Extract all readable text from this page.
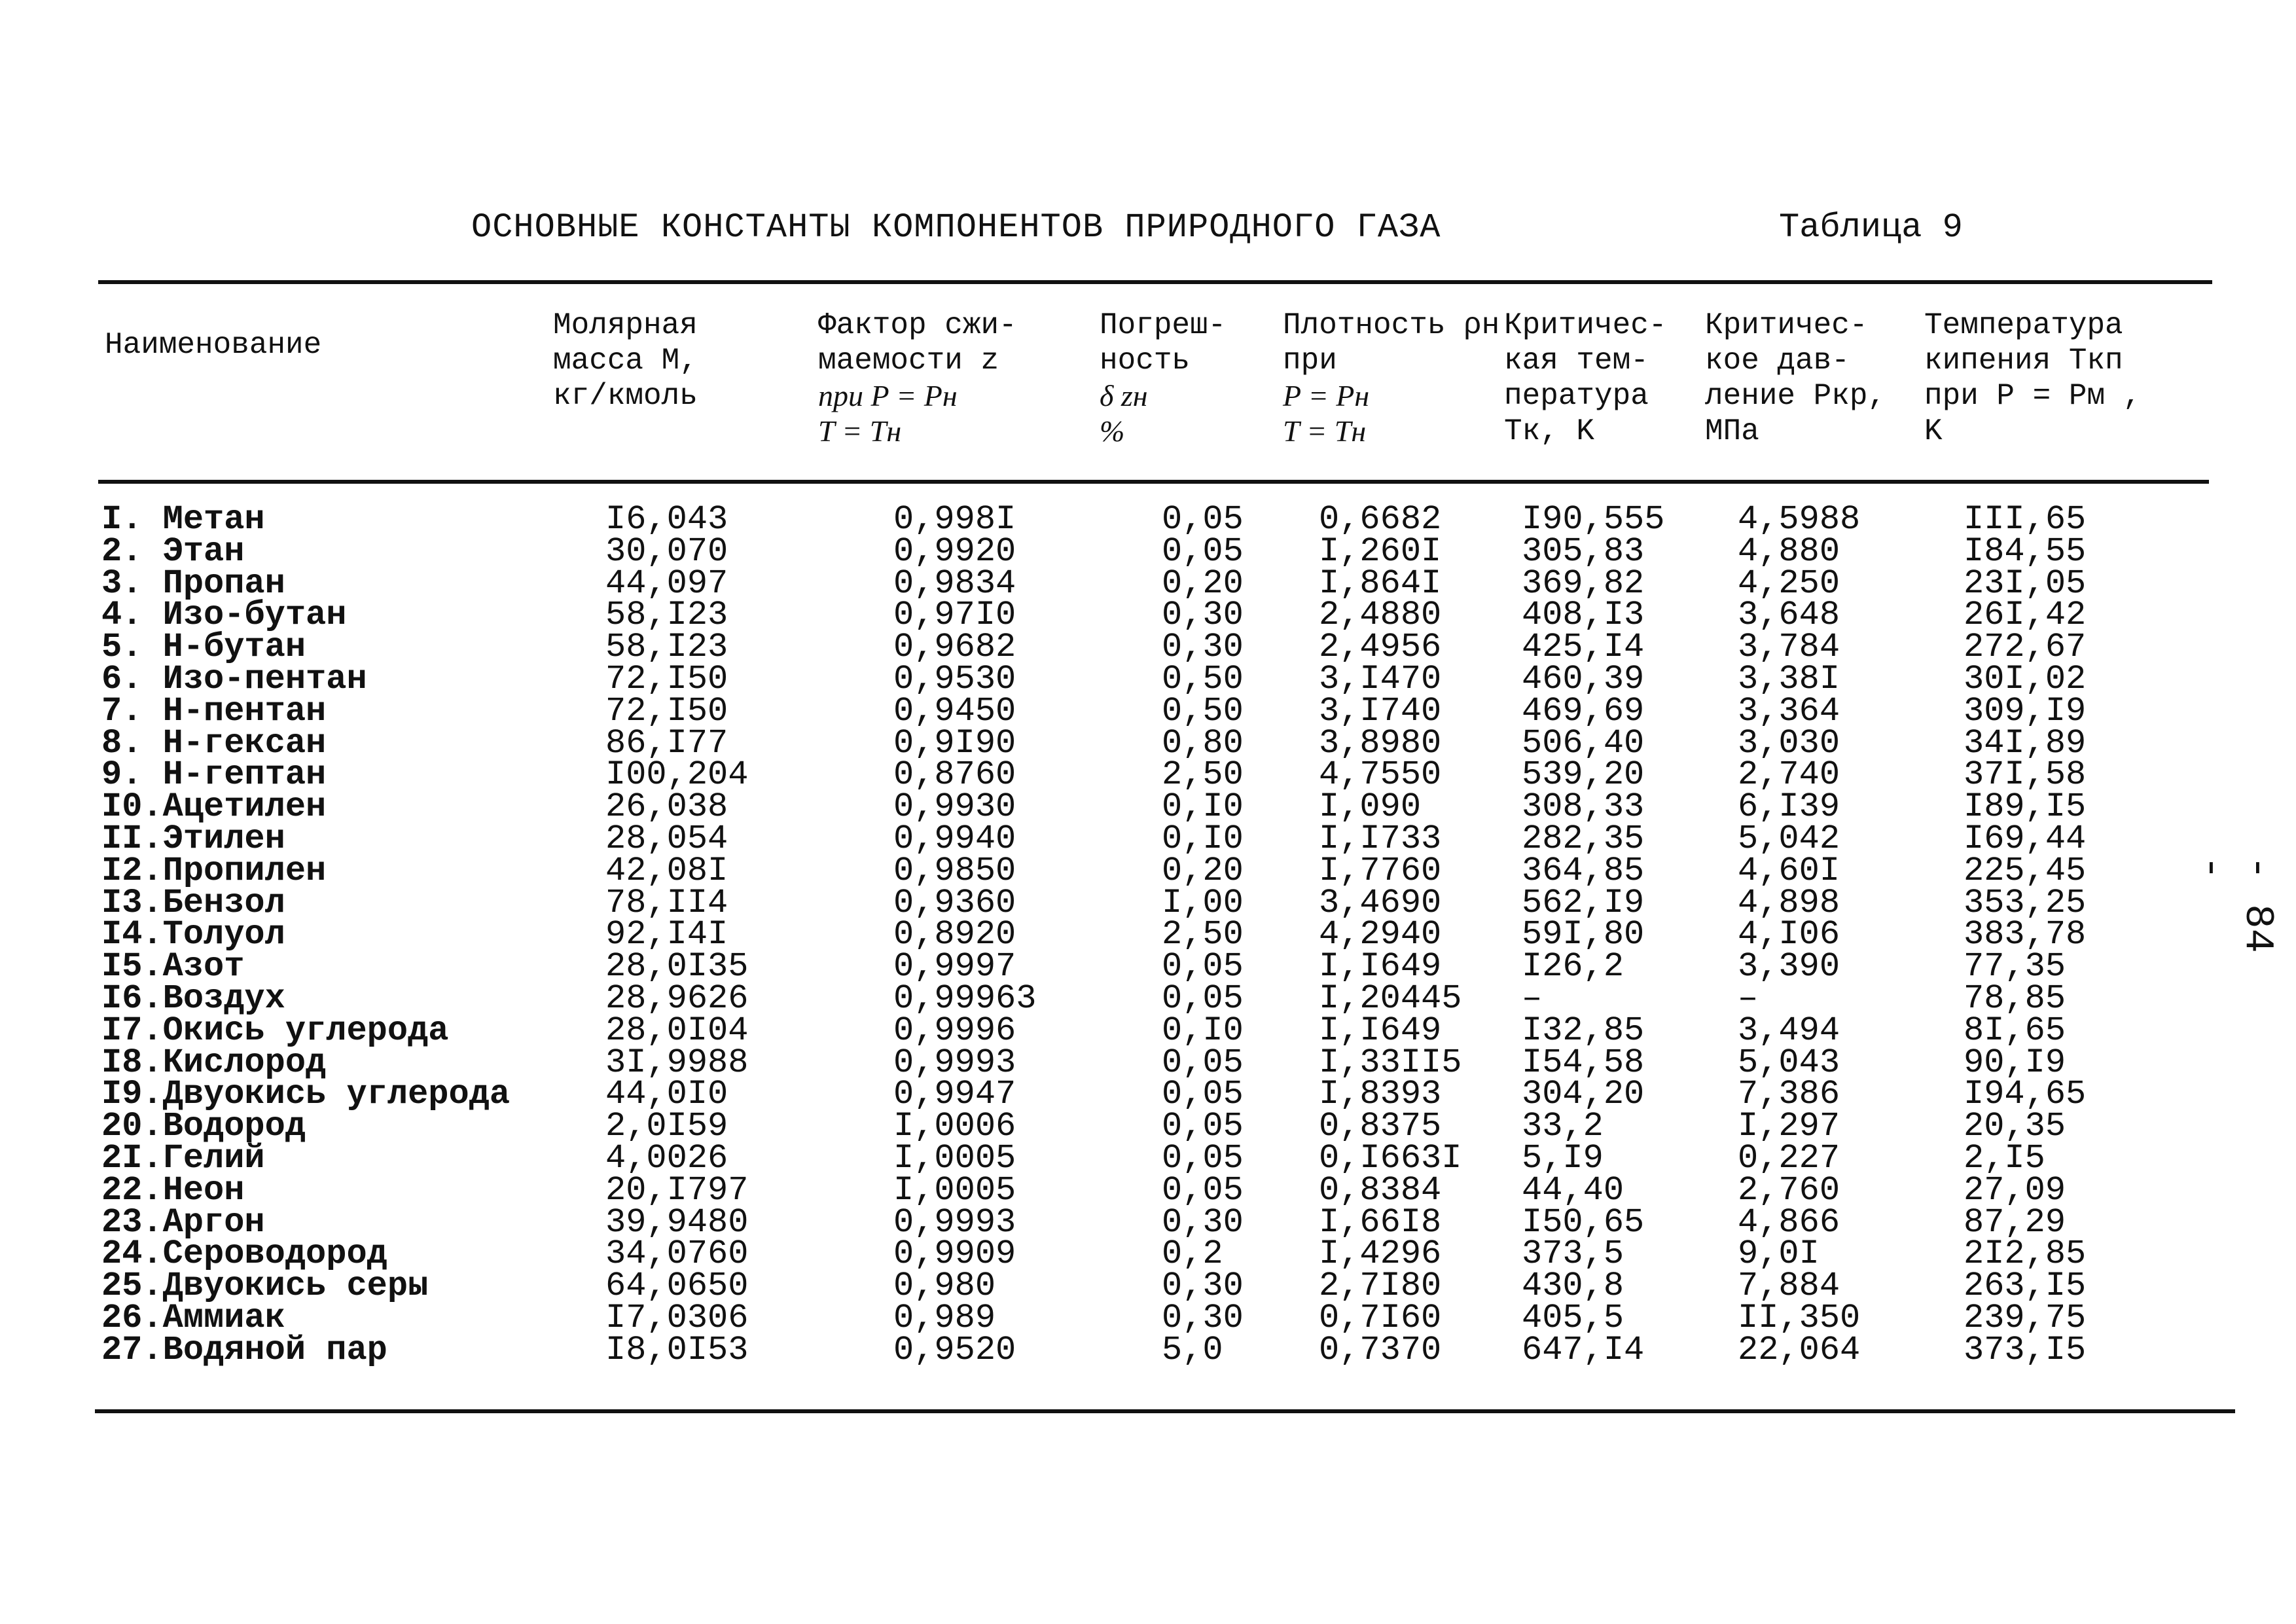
ОСНОВНЫЕ КОНСТАНТЫ КОМПОНЕНТОВ ПРИРОДНОГО ГАЗА	Таблица 9
- 84 -
Наименование
Молярная
масса М,
кг/кмоль
Фактор сжи-
маемости z
при P = Pн
T = Tн
Погреш-
ность
δ zн
%
Плотность ρн
при
P = Pн
T = Tн
Критичес-
кая тем-
пература
Tк, K
Критичес-
кое дав-
ление Pкр,
МПа
Температура
кипения Tкп
при P = Pм ,
K
I. Метан	I6,043	0,998I	0,05 0,6682 I90,555 4,5988	III,65
2. Этан	30,070	0,9920	0,05 I,260I 305,83	4,880	I84,55
3. Пропан	44,097	0,9834	0,20 I,864I 369,82	4,250	23I,05
4. Изо-бутан	58,I23	0,97I0	0,30 2,4880 408,I3	3,648	26I,42
5. Н-бутан	58,I23	0,9682	0,30 2,4956 425,I4	3,784	272,67
6. Изо-пентан	72,I50	0,9530	0,50 3,I470 460,39	3,38I	30I,02
7. Н-пентан	72,I50	0,9450	0,50 3,I740 469,69	3,364	309,I9
8. Н-гексан	86,I77	0,9I90	0,80 3,8980 506,40	3,030	34I,89
9. Н-гептан	I00,204	0,8760	2,50 4,7550 539,20	2,740	37I,58
I0.Ацетилен	26,038	0,9930	0,I0 I,090	308,33	6,I39	I89,I5
II.Этилен	28,054	0,9940	0,I0 I,I733 282,35	5,042	I69,44
I2.Пропилен	42,08I	0,9850	0,20 I,7760 364,85	4,60I	225,45
I3.Бензол	78,II4	0,9360	I,00 3,4690 562,I9	4,898	353,25
I4.Толуол	92,I4I	0,8920	2,50 4,2940 59I,80	4,I06	383,78
I5.Азот	28,0I35	0,9997	0,05 I,I649 I26,2	3,390	77,35
I6.Воздух	28,9626	0,99963	0,05 I,20445 –	–	78,85
I7.Окись углерода	28,0I04	0,9996	0,I0 I,I649 I32,85	3,494	8I,65
I8.Кислород	3I,9988	0,9993	0,05 I,33II5 I54,58	5,043	90,I9
I9.Двуокись углерода	44,0I0	0,9947	0,05 I,8393 304,20	7,386	I94,65
20.Водород	2,0I59	I,0006	0,05 0,8375 33,2	I,297	20,35
2I.Гелий	4,0026	I,0005	0,05 0,I663I 5,I9	0,227	2,I5
22.Неон	20,I797	I,0005	0,05 0,8384 44,40	2,760	27,09
23.Аргон	39,9480	0,9993	0,30 I,66I8 I50,65	4,866	87,29
24.Сероводород	34,0760	0,9909	0,2	I,4296 373,5	9,0I	2I2,85
25.Двуокись серы	64,0650	0,980	0,30 2,7I80 430,8	7,884	263,I5
26.Аммиак	I7,0306	0,989	0,30 0,7I60 405,5	II,350	239,75
27.Водяной пар	I8,0I53	0,9520	5,0	0,7370 647,I4	22,064	373,I5
